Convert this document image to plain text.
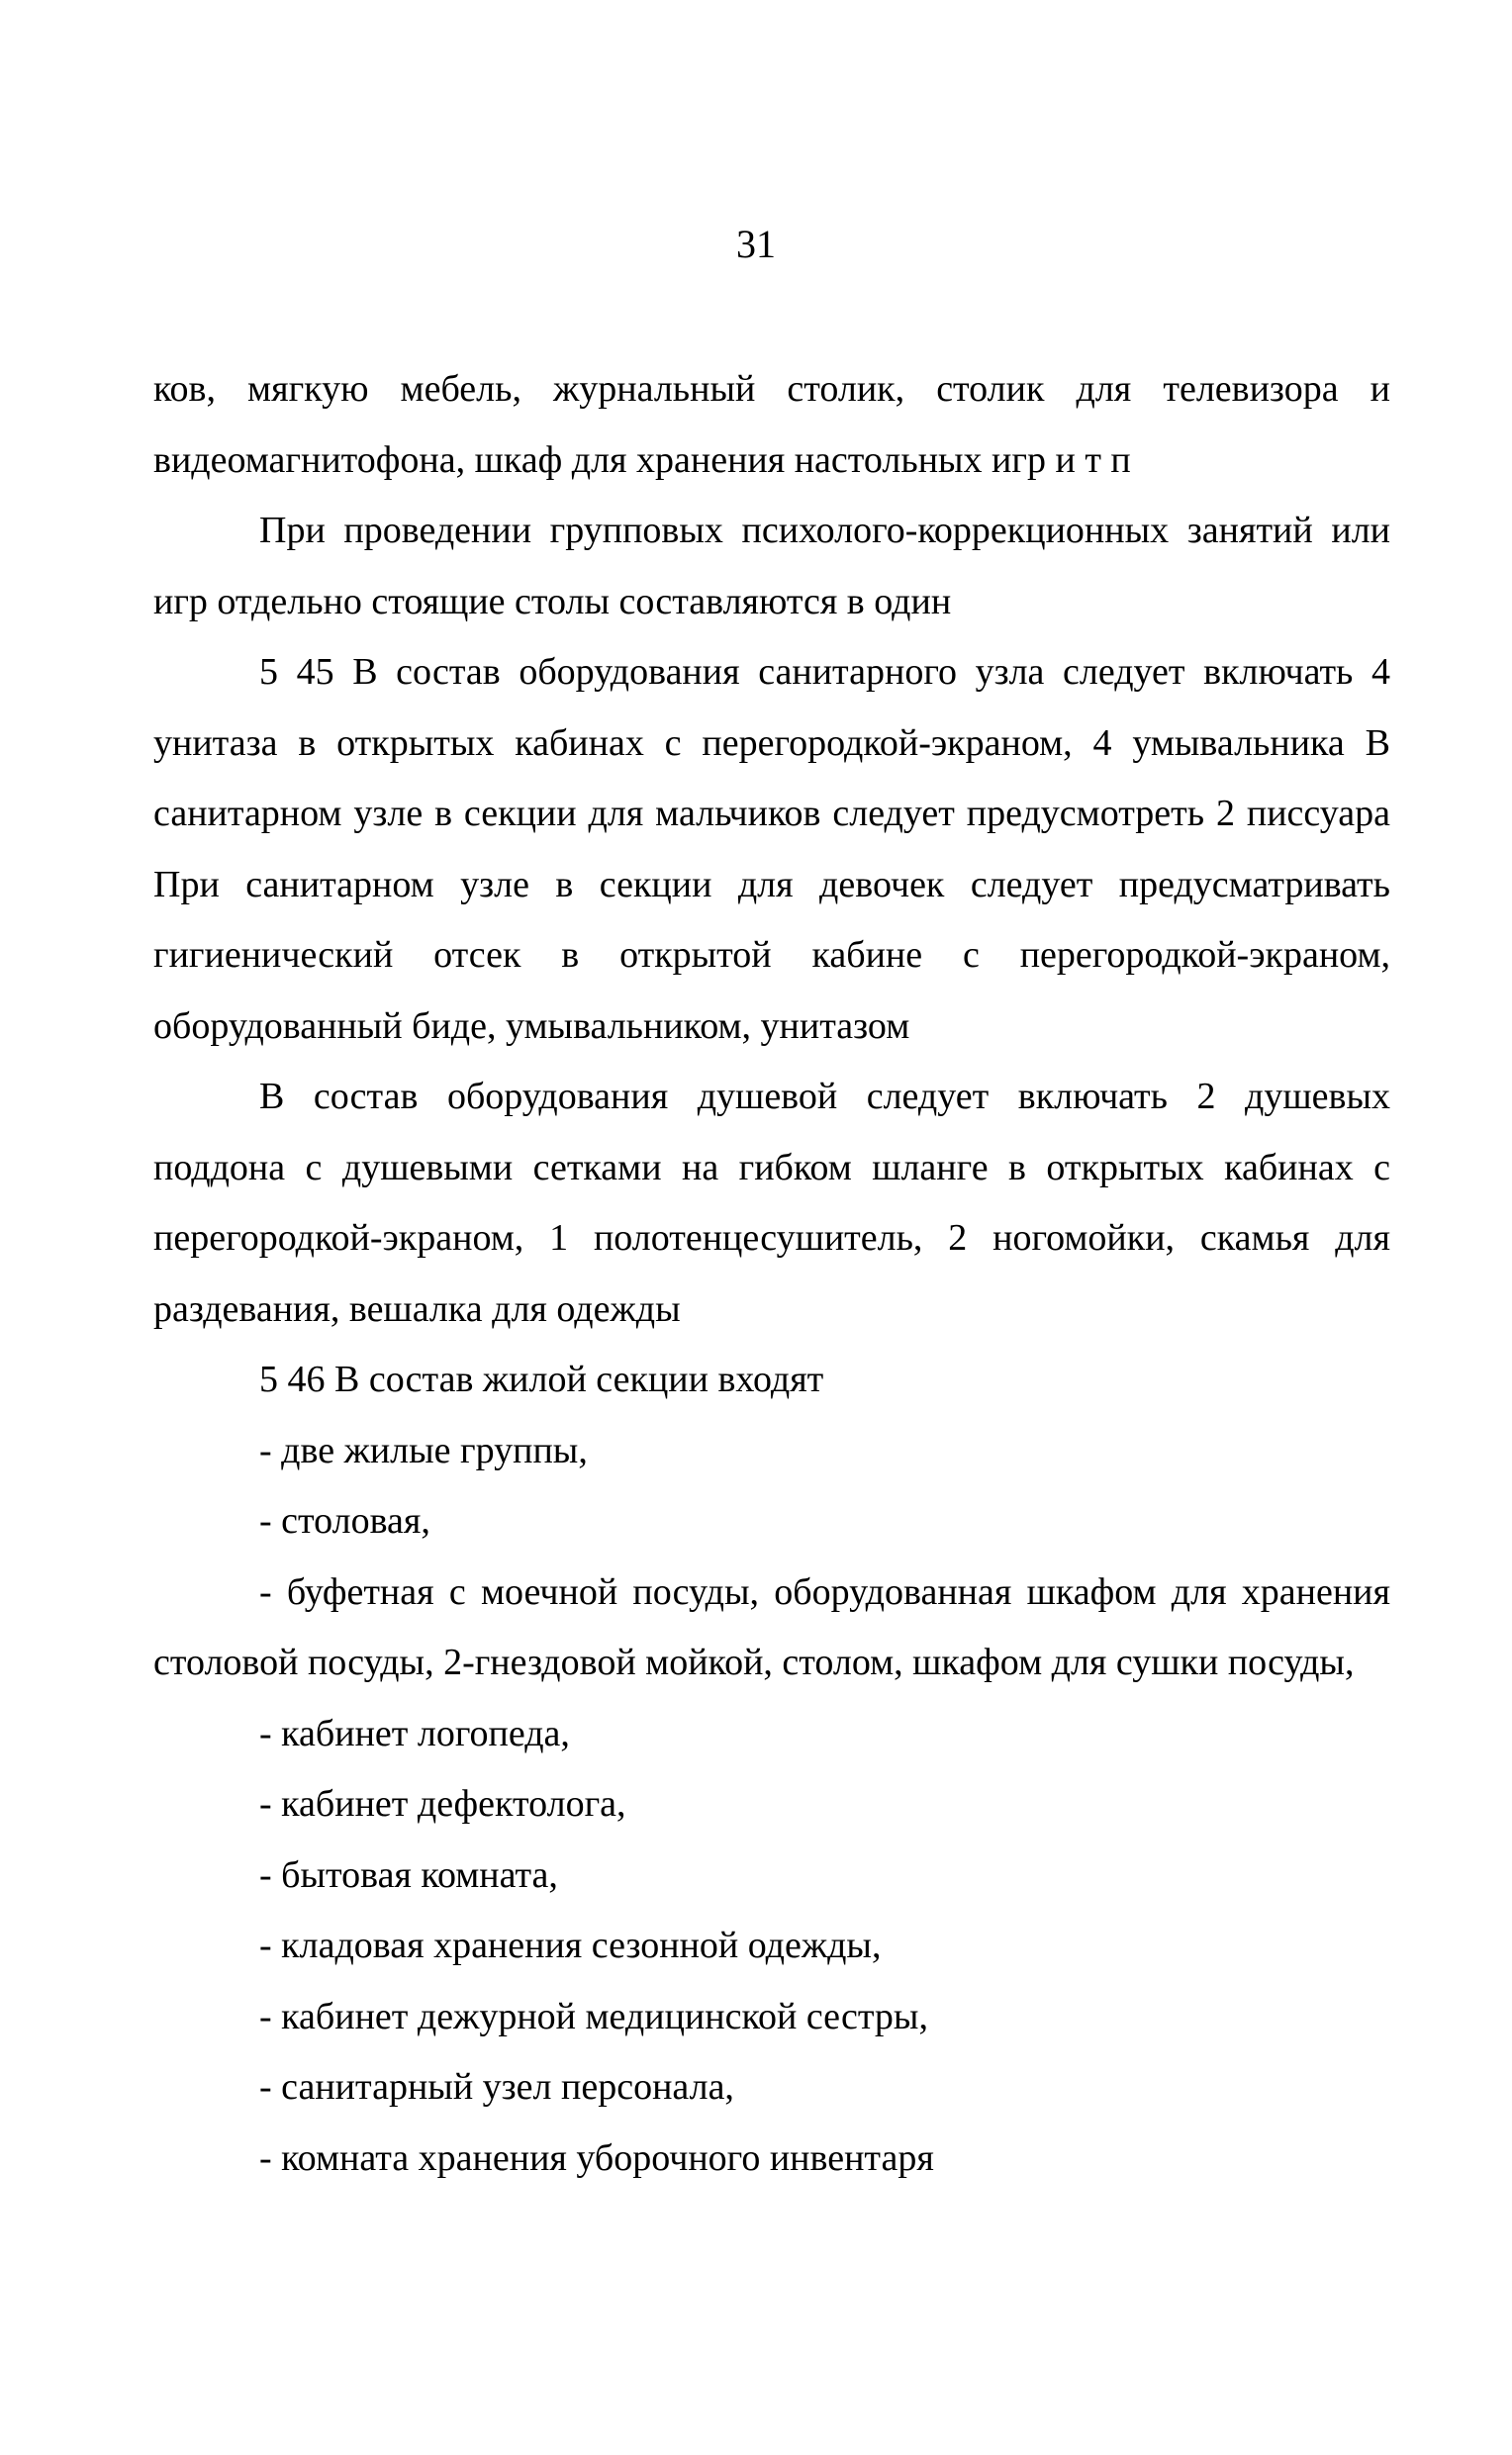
31

ков, мягкую мебель, журнальный столик, столик для телевизора и видеомагнитофона, шкаф для хранения настольных игр и т п

При проведении групповых психолого-коррекционных занятий или игр отдельно стоящие столы составляются в один

5 45 В состав оборудования санитарного узла следует включать 4 унитаза в открытых кабинах с перегородкой-экраном, 4 умывальника В санитарном узле в секции для мальчиков следует предусмотреть 2 писсуара При санитарном узле в секции для девочек следует предусматривать гигиенический отсек в открытой кабине с перегородкой-экраном, оборудованный биде, умывальником, унитазом

В состав оборудования душевой следует включать 2 душевых поддона с душевыми сетками на гибком шланге в открытых кабинах с перегородкой-экраном, 1 полотенцесушитель, 2 ногомойки, скамья для раздевания, вешалка для одежды

5 46 В состав жилой секции входят

- две жилые группы,

- столовая,

- буфетная с моечной посуды, оборудованная шкафом для хранения столовой посуды, 2-гнездовой мойкой, столом, шкафом для сушки посуды,

- кабинет логопеда,

- кабинет дефектолога,

- бытовая комната,

- кладовая хранения сезонной одежды,

- кабинет дежурной медицинской сестры,

- санитарный узел персонала,

- комната хранения уборочного инвентаря
